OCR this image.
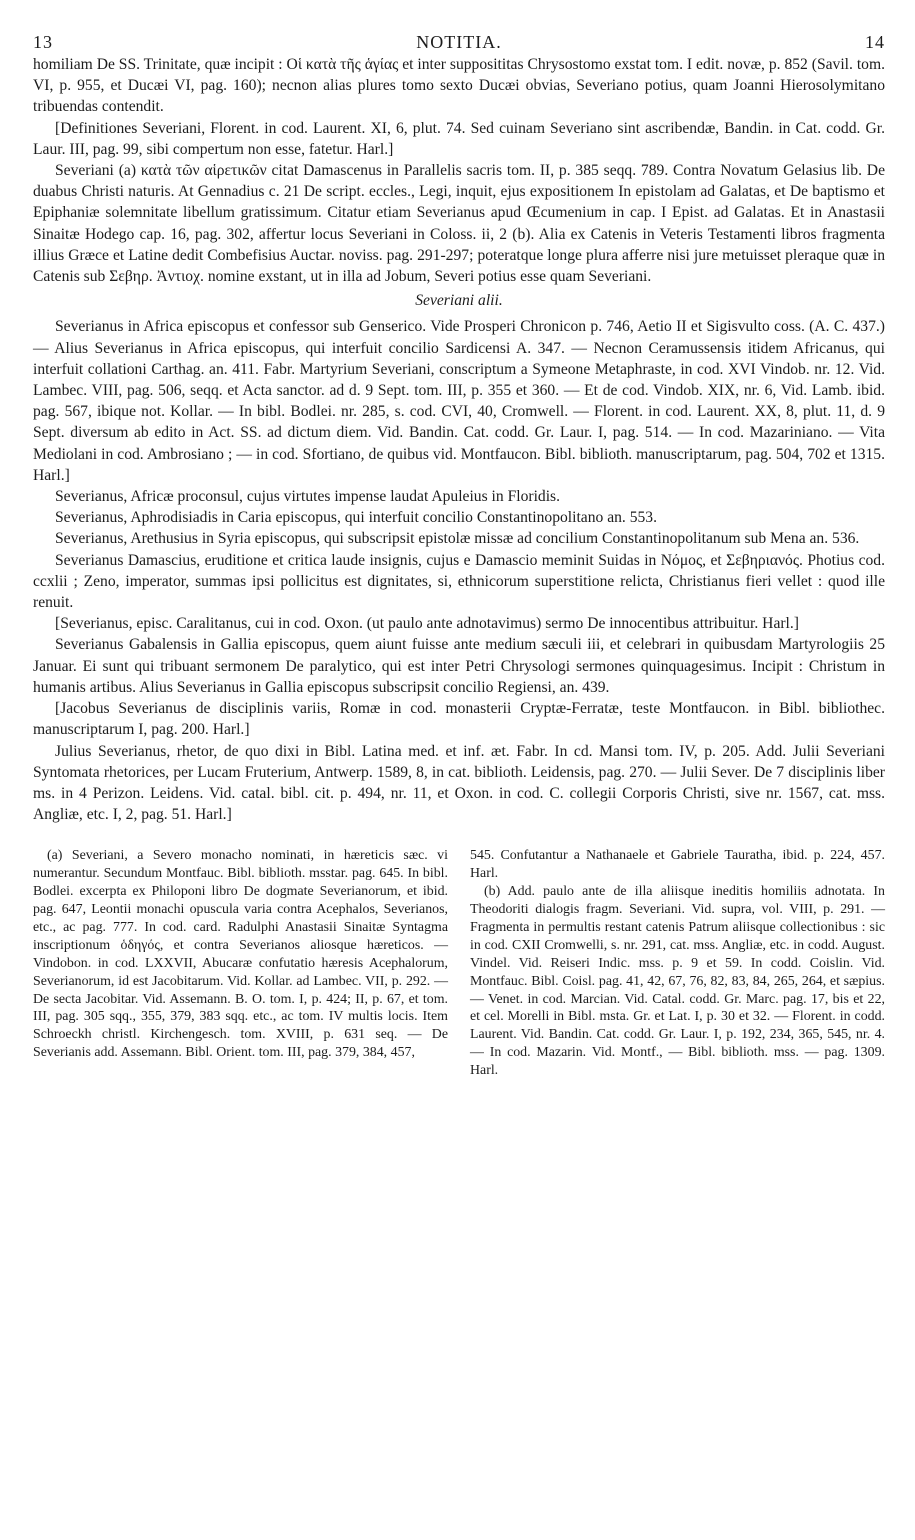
13	NOTITIA.	14

homiliam De SS. Trinitate, quæ incipit : Οἱ κατὰ τῆς ἁγίας et inter supposititas Chrysostomo exstat tom. I edit. novæ, p. 852 (Savil. tom. VI, p. 955, et Ducæi VI, pag. 160); necnon alias plures tomo sexto Ducæi obvias, Severiano potius, quam Joanni Hierosolymitano tribuendas contendit.

[Definitiones Severiani, Florent. in cod. Laurent. XI, 6, plut. 74. Sed cuinam Severiano sint ascribendæ, Bandin. in Cat. codd. Gr. Laur. III, pag. 99, sibi compertum non esse, fatetur. Harl.]

Severiani (a) κατὰ τῶν αἱρετικῶν citat Damascenus in Parallelis sacris tom. II, p. 385 seqq. 789. Contra Novatum Gelasius lib. De duabus Christi naturis. At Gennadius c. 21 De script. eccles., Legi, inquit, ejus expositionem In epistolam ad Galatas, et De baptismo et Epiphaniæ solemnitate libellum gratissimum. Citatur etiam Severianus apud Œcumenium in cap. I Epist. ad Galatas. Et in Anastasii Sinaitæ Hodego cap. 16, pag. 302, affertur locus Severiani in Coloss. ii, 2 (b). Alia ex Catenis in Veteris Testamenti libros fragmenta illius Græce et Latine dedit Combefisius Auctar. noviss. pag. 291-297; poteratque longe plura afferre nisi jure metuisset pleraque quæ in Catenis sub Σεβηρ. Ἀντιοχ. nomine exstant, ut in illa ad Jobum, Severi potius esse quam Severiani.

Severiani alii.

Severianus in Africa episcopus et confessor sub Genserico. Vide Prosperi Chronicon p. 746, Aetio II et Sigisvulto coss. (A. C. 437.) — Alius Severianus in Africa episcopus, qui interfuit concilio Sardicensi A. 347. — Necnon Ceramussensis itidem Africanus, qui interfuit collationi Carthag. an. 411. Fabr. Martyrium Severiani, conscriptum a Symeone Metaphraste, in cod. XVI Vindob. nr. 12. Vid. Lambec. VIII, pag. 506, seqq. et Acta sanctor. ad d. 9 Sept. tom. III, p. 355 et 360. — Et de cod. Vindob. XIX, nr. 6, Vid. Lamb. ibid. pag. 567, ibique not. Kollar. — In bibl. Bodlei. nr. 285, s. cod. CVI, 40, Cromwell. — Florent. in cod. Laurent. XX, 8, plut. 11, d. 9 Sept. diversum ab edito in Act. SS. ad dictum diem. Vid. Bandin. Cat. codd. Gr. Laur. I, pag. 514. — In cod. Mazariniano. — Vita Mediolani in cod. Ambrosiano ; — in cod. Sfortiano, de quibus vid. Montfaucon. Bibl. biblioth. manuscriptarum, pag. 504, 702 et 1315. Harl.]

Severianus, Africæ proconsul, cujus virtutes impense laudat Apuleius in Floridis.

Severianus, Aphrodisiadis in Caria episcopus, qui interfuit concilio Constantinopolitano an. 553.

Severianus, Arethusius in Syria episcopus, qui subscripsit epistolæ missæ ad concilium Constantinopolitanum sub Mena an. 536.

Severianus Damascius, eruditione et critica laude insignis, cujus e Damascio meminit Suidas in Νόμος, et Σεβηριανός. Photius cod. ccxlii ; Zeno, imperator, summas ipsi pollicitus est dignitates, si, ethnicorum superstitione relicta, Christianus fieri vellet : quod ille renuit.

[Severianus, episc. Caralitanus, cui in cod. Oxon. (ut paulo ante adnotavimus) sermo De innocentibus attribuitur. Harl.]

Severianus Gabalensis in Gallia episcopus, quem aiunt fuisse ante medium sæculi iii, et celebrari in quibusdam Martyrologiis 25 Januar. Ei sunt qui tribuant sermonem De paralytico, qui est inter Petri Chrysologi sermones quinquagesimus. Incipit : Christum in humanis artibus. Alius Severianus in Gallia episcopus subscripsit concilio Regiensi, an. 439.

[Jacobus Severianus de disciplinis variis, Romæ in cod. monasterii Cryptæ-Ferratæ, teste Montfaucon. in Bibl. bibliothec. manuscriptarum I, pag. 200. Harl.]

Julius Severianus, rhetor, de quo dixi in Bibl. Latina med. et inf. æt. Fabr. In cd. Mansi tom. IV, p. 205. Add. Julii Severiani Syntomata rhetorices, per Lucam Fruterium, Antwerp. 1589, 8, in cat. biblioth. Leidensis, pag. 270. — Julii Sever. De 7 disciplinis liber ms. in 4 Perizon. Leidens. Vid. catal. bibl. cit. p. 494, nr. 11, et Oxon. in cod. C. collegii Corporis Christi, sive nr. 1567, cat. mss. Angliæ, etc. I, 2, pag. 51. Harl.]

(a) Severiani, a Severo monacho nominati, in hæreticis sæc. vi numerantur. Secundum Montfauc. Bibl. biblioth. msstar. pag. 645. In bibl. Bodlei. excerpta ex Philoponi libro De dogmate Severianorum, et ibid. pag. 647, Leontii monachi opuscula varia contra Acephalos, Severianos, etc., ac pag. 777. In cod. card. Radulphi Anastasii Sinaitæ Syntagma inscriptionum ὁδηγός, et contra Severianos aliosque hæreticos. — Vindobon. in cod. LXXVII, Abucaræ confutatio hæresis Acephalorum, Severianorum, id est Jacobitarum. Vid. Kollar. ad Lambec. VII, p. 292. — De secta Jacobitar. Vid. Assemann. B. O. tom. I, p. 424; II, p. 67, et tom. III, pag. 305 sqq., 355, 379, 383 sqq. etc., ac tom. IV multis locis. Item Schroeckh christl. Kirchengesch. tom. XVIII, p. 631 seq. — De Severianis add. Assemann. Bibl. Orient. tom. III, pag. 379, 384, 457,

545. Confutantur a Nathanaele et Gabriele Tauratha, ibid. p. 224, 457. Harl.

(b) Add. paulo ante de illa aliisque ineditis homiliis adnotata. In Theodoriti dialogis fragm. Severiani. Vid. supra, vol. VIII, p. 291. — Fragmenta in permultis restant catenis Patrum aliisque collectionibus : sic in cod. CXII Cromwelli, s. nr. 291, cat. mss. Angliæ, etc. in codd. August. Vindel. Vid. Reiseri Indic. mss. p. 9 et 59. In codd. Coislin. Vid. Montfauc. Bibl. Coisl. pag. 41, 42, 67, 76, 82, 83, 84, 265, 264, et sæpius. — Venet. in cod. Marcian. Vid. Catal. codd. Gr. Marc. pag. 17, bis et 22, et cel. Morelli in Bibl. msta. Gr. et Lat. I, p. 30 et 32. — Florent. in codd. Laurent. Vid. Bandin. Cat. codd. Gr. Laur. I, p. 192, 234, 365, 545, nr. 4. — In cod. Mazarin. Vid. Montf., — Bibl. biblioth. mss. — pag. 1309. Harl.
